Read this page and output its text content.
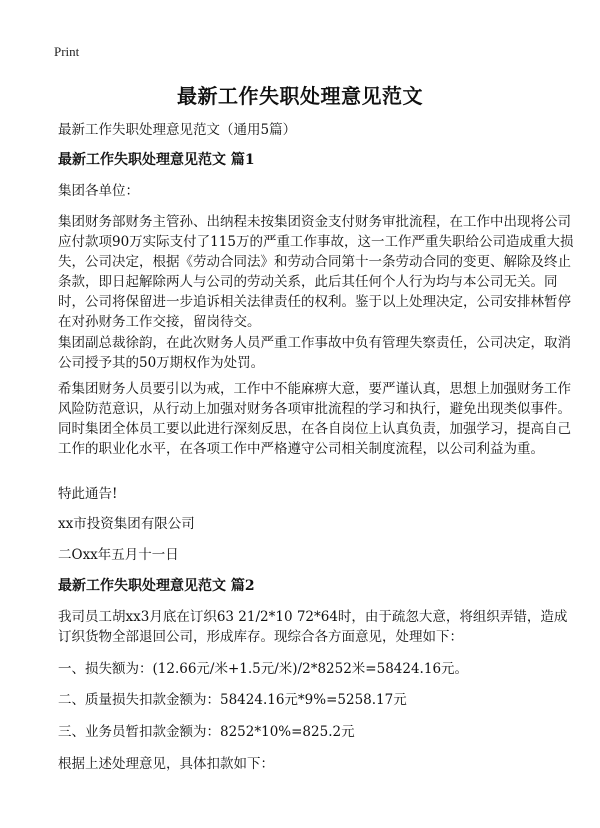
Print
最新工作失职处理意见范文
最新工作失职处理意见范文（通用5篇）
最新工作失职处理意见范文 篇1
集团各单位：
集团财务部财务主管孙、出纳程未按集团资金支付财务审批流程，在工作中出现将公司应付款项90万实际支付了115万的严重工作事故，这一工作严重失职给公司造成重大损失，公司决定，根据《劳动合同法》和劳动合同第十一条劳动合同的变更、解除及终止条款，即日起解除两人与公司的劳动关系，此后其任何个人行为均与本公司无关。同时，公司将保留进一步追诉相关法律责任的权利。鉴于以上处理决定，公司安排林暂停在对孙财务工作交接，留岗待交。
集团副总裁徐韵，在此次财务人员严重工作事故中负有管理失察责任，公司决定，取消公司授予其的50万期权作为处罚。
希集团财务人员要引以为戒，工作中不能麻痹大意，要严谨认真，思想上加强财务工作风险防范意识，从行动上加强对财务各项审批流程的学习和执行，避免出现类似事件。同时集团全体员工要以此进行深刻反思，在各自岗位上认真负责，加强学习，提高自己工作的职业化水平，在各项工作中严格遵守公司相关制度流程，以公司利益为重。
特此通告!
xx市投资集团有限公司
二Oxx年五月十一日
最新工作失职处理意见范文 篇2
我司员工胡xx3月底在订织63 21/2*10 72*64时，由于疏忽大意，将组织弄错，造成订织货物全部退回公司，形成库存。现综合各方面意见，处理如下：
一、损失额为：(12.66元/米+1.5元/米)/2*8252米=58424.16元。
二、质量损失扣款金额为：58424.16元*9%=5258.17元
三、业务员暂扣款金额为：8252*10%=825.2元
根据上述处理意见，具体扣款如下：
